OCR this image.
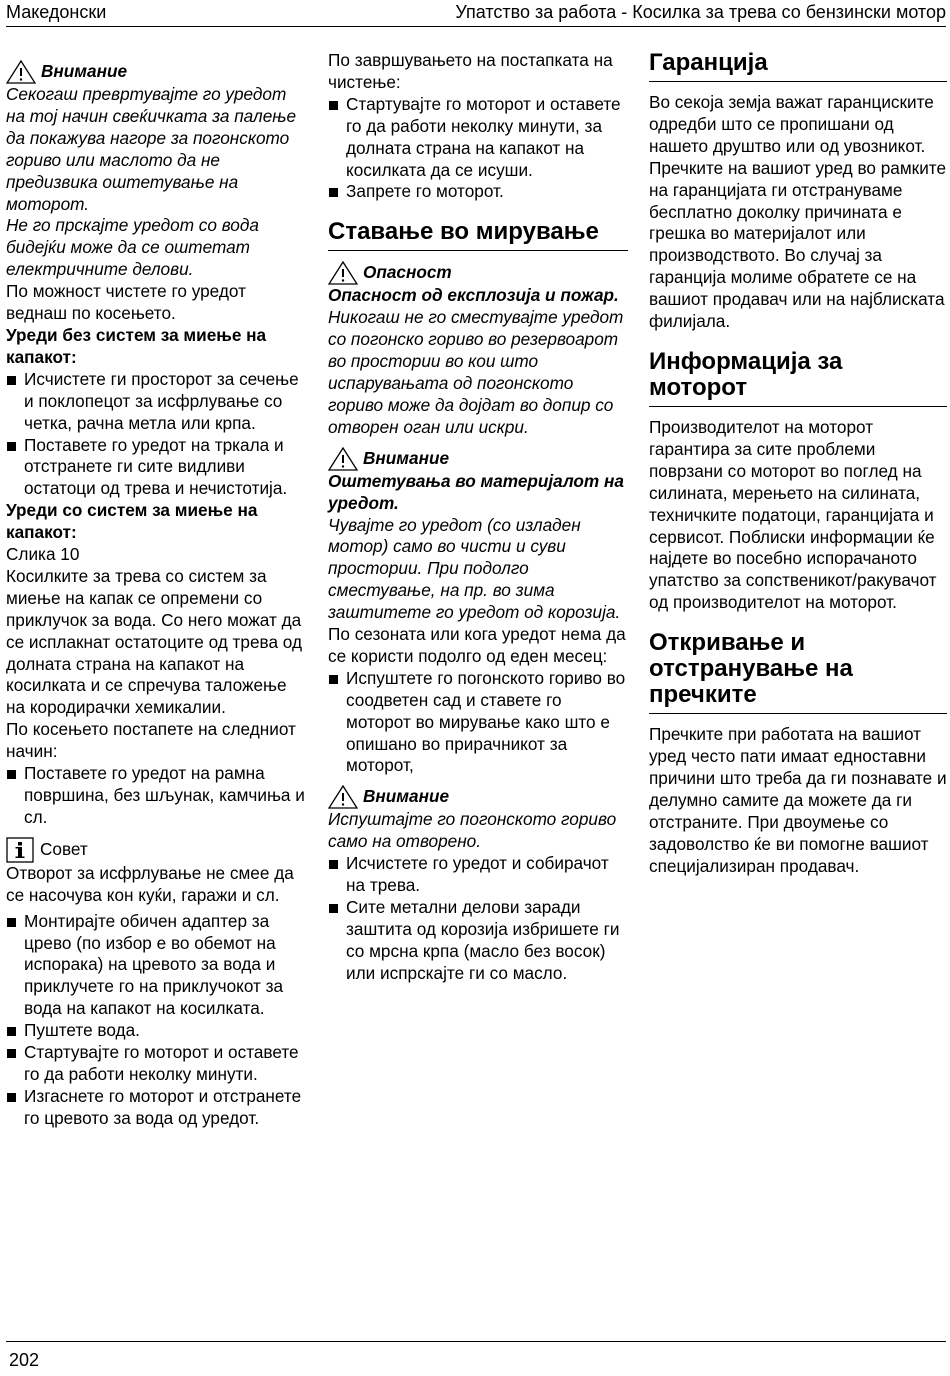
Македонски	Упатство за работа - Косилка за трева со бензински мотор
Внимание

Секогаш превртувајте го уредот на тој начин свеќичката за палење да покажува нагоре за погонското гориво или маслото да не предизвика оштетување на моторот.

Не го прскајте уредот со вода бидејќи може да се оштетат електричните делови.

По можност чистете го уредот веднаш по косењето.

Уреди без систем за миење на капакот:

Исчистете ги просторот за сечење и поклопецот за исфрлување со четка, рачна метла или крпа.
Поставете го уредот на тркала и отстранете ги сите видливи остатоци од трева и нечистотија.

Уреди со систем за миење на капакот:

Слика 10

Косилките за трева со систем за миење на капак се опремени со приклучок за вода. Со него можат да се исплакнат остатоците од трева од долната страна на капакот на косилката и се спречува таложење на кородирачки хемикалии.

По косењето постапете на следниот начин:

Поставете го уредот на рамна површина, без шљунак, камчиња и сл.
Совет

Отворот за исфрлување не смее да се насочува кон куќи, гаражи и сл.

Монтирајте обичен адаптер за црево (по избор е во обемот на испорака) на цревото за вода и приклучете го на приклучокот за вода на капакот на косилката.
Пуштете вода.
Стартувајте го моторот и оставете го да работи неколку минути.
Изгаснете го моторот и отстранете го цревото за вода од уредот.

По завршувањето на постапката на чистење:

Стартувајте го моторот и оставете го да работи неколку минути, за долната страна на капакот на косилката да се исуши.
Запрете го моторот.
Ставање во мирување
Опасност

Опасност од експлозија и пожар.

Никогаш не го сместувајте уредот со погонско гориво во резервоарот во простории во кои што испарувањата од погонското гориво може да дојдат во допир со отворен оган или искри.

Внимание

Оштетувања во материјалот на уредот.

Чувајте го уредот (со изладен мотор) само во чисти и суви простории. При подолго сместување, на пр. во зима заштитете го уредот од корозија.

По сезоната или кога уредот нема да се користи подолго од еден месец:

Испуштете го погонското гориво во соодветен сад и ставете го моторот во мирување како што е опишано во прирачникот за моторот,
Внимание

Испуштајте го погонското гориво само на отворено.

Исчистете го уредот и собирачот на трева.
Сите метални делови заради заштита од корозија избришете ги со мрсна крпа (масло без восок) или испрскајте ги со масло.
Гаранција

Во секоја земја важат гаранциските одредби што се пропишани од нашето друштво или од увозникот. Пречките на вашиот уред во рамките на гаранцијата ги отстрануваме бесплатно доколку причината е грешка во материјалот или производството. Во случај за гаранција молиме обратете се на вашиот продавач или на најблиската филијала.

Информација за моторот

Производителот на моторот гарантира за сите проблеми поврзани со моторот во поглед на силината, мерењето на силината, техничките податоци, гаранцијата и сервисот. Поблиски информации ќе најдете во посебно испорачаното упатство за сопственикот/ракувачот од производителот на моторот.

Откривање и отстранување на пречките

Пречките при работата на вашиот уред често пати имаат едноставни причини што треба да ги познавате и делумно самите да можете да ги отстраните. При двоумење со задоволство ќе ви помогне вашиот специјализиран продавач.

202
